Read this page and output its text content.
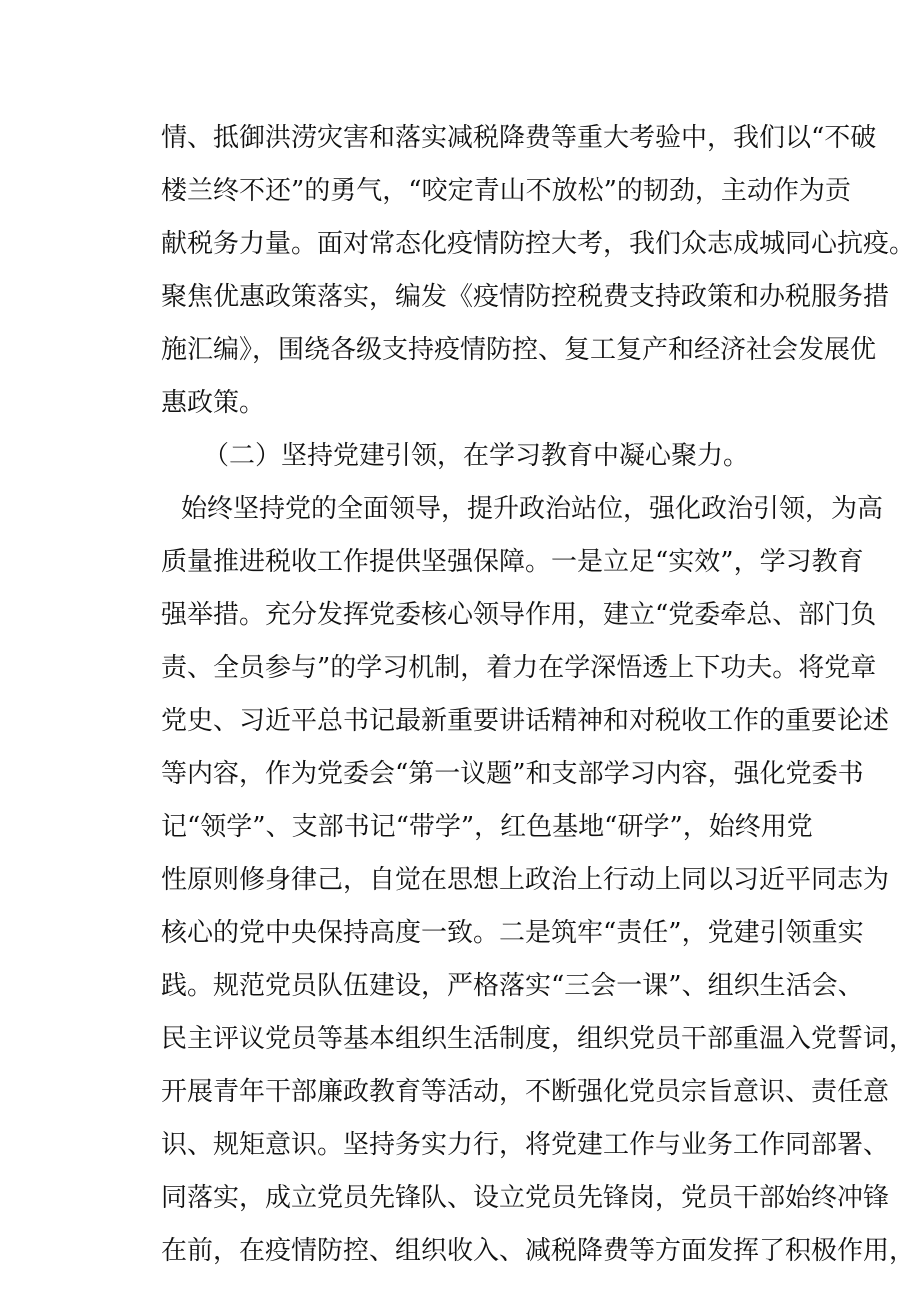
情、抵御洪涝灾害和落实减税降费等重大考验中，我们以“不破
楼兰终不还”的勇气，“咬定青山不放松”的韧劲，主动作为贡
献税务力量。面对常态化疫情防控大考，我们众志成城同心抗疫。
聚焦优惠政策落实，编发《疫情防控税费支持政策和办税服务措
施汇编》，围绕各级支持疫情防控、复工复产和经济社会发展优
惠政策。
（二）坚持党建引领，在学习教育中凝心聚力。
始终坚持党的全面领导，提升政治站位，强化政治引领，为高
质量推进税收工作提供坚强保障。一是立足“实效”，学习教育
强举措。充分发挥党委核心领导作用，建立“党委牵总、部门负
责、全员参与”的学习机制，着力在学深悟透上下功夫。将党章
党史、习近平总书记最新重要讲话精神和对税收工作的重要论述
等内容，作为党委会“第一议题”和支部学习内容，强化党委书
记“领学”、支部书记“带学”，红色基地“研学”，始终用党
性原则修身律己，自觉在思想上政治上行动上同以习近平同志为
核心的党中央保持高度一致。二是筑牢“责任”，党建引领重实
践。规范党员队伍建设，严格落实“三会一课”、组织生活会、
民主评议党员等基本组织生活制度，组织党员干部重温入党誓词，
开展青年干部廉政教育等活动，不断强化党员宗旨意识、责任意
识、规矩意识。坚持务实力行，将党建工作与业务工作同部署、
同落实，成立党员先锋队、设立党员先锋岗，党员干部始终冲锋
在前，在疫情防控、组织收入、减税降费等方面发挥了积极作用，
